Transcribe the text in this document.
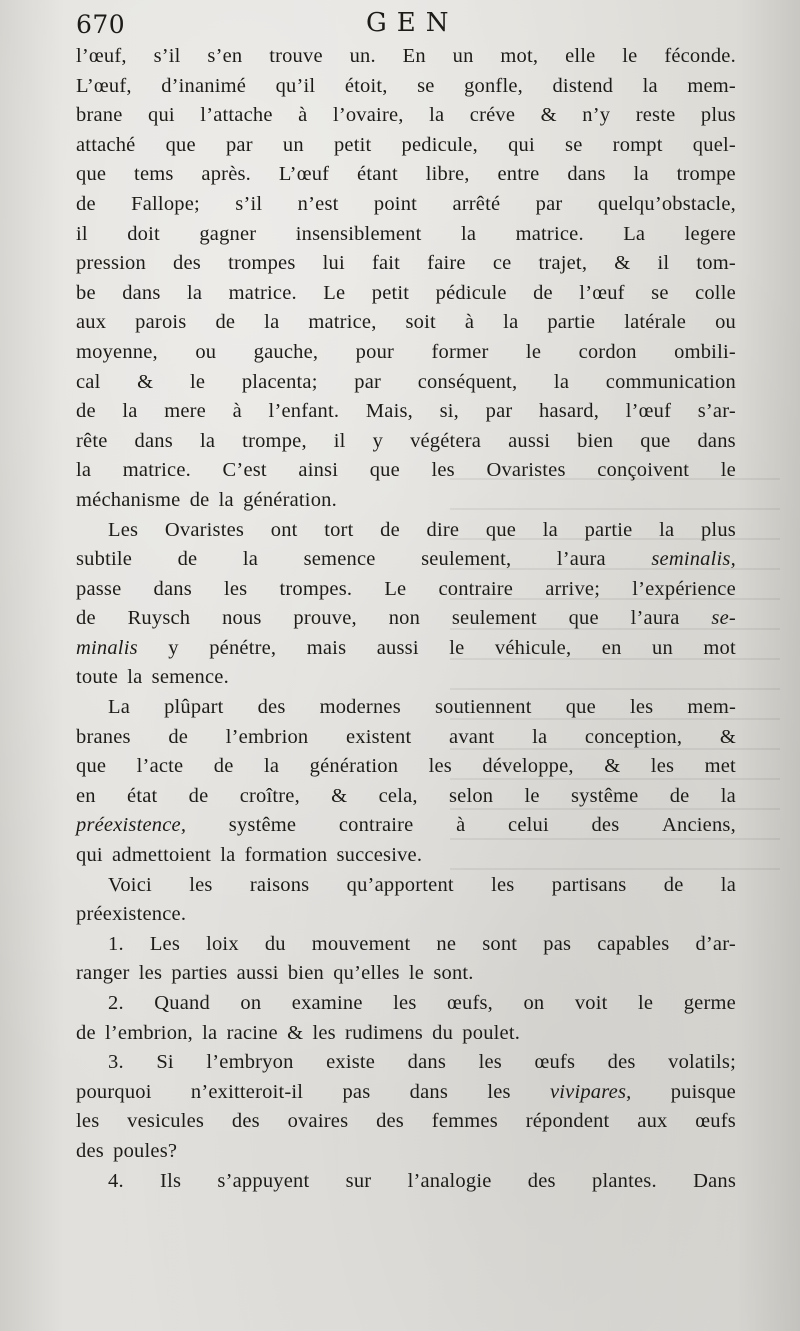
670	GEN
l’œuf, s’il s’en trouve un. En un mot, elle le féconde.
L’œuf, d’inanimé qu’il étoit, se gonfle, distend la mem-
brane qui l’attache à l’ovaire, la créve & n’y reste plus
attaché que par un petit pedicule, qui se rompt quel-
que tems après. L’œuf étant libre, entre dans la trompe
de Fallope; s’il n’est point arrêté par quelqu’obstacle,
il doit gagner insensiblement la matrice. La legere
pression des trompes lui fait faire ce trajet, & il tom-
be dans la matrice. Le petit pédicule de l’œuf se colle
aux parois de la matrice, soit à la partie latérale ou
moyenne, ou gauche, pour former le cordon ombili-
cal & le placenta; par conséquent, la communication
de la mere à l’enfant. Mais, si, par hasard, l’œuf s’ar-
rête dans la trompe, il y végétera aussi bien que dans
la matrice. C’est ainsi que les Ovaristes conçoivent le
méchanisme de la génération.
Les Ovaristes ont tort de dire que la partie la plus
subtile de la semence seulement, l’aura seminalis,
passe dans les trompes. Le contraire arrive; l’expérience
de Ruysch nous prouve, non seulement que l’aura se-
minalis y pénétre, mais aussi le véhicule, en un mot
toute la semence.
La plûpart des modernes soutiennent que les mem-
branes de l’embrion existent avant la conception, &
que l’acte de la génération les développe, & les met
en état de croître, & cela, selon le systême de la
préexistence, systême contraire à celui des Anciens,
qui admettoient la formation succesive.
Voici les raisons qu’apportent les partisans de la
préexistence.
1. Les loix du mouvement ne sont pas capables d’ar-
ranger les parties aussi bien qu’elles le sont.
2. Quand on examine les œufs, on voit le germe
de l’embrion, la racine & les rudimens du poulet.
3. Si l’embryon existe dans les œufs des volatils;
pourquoi n’exitteroit-il pas dans les vivipares, puisque
les vesicules des ovaires des femmes répondent aux œufs
des poules?
4. Ils s’appuyent sur l’analogie des plantes. Dans
